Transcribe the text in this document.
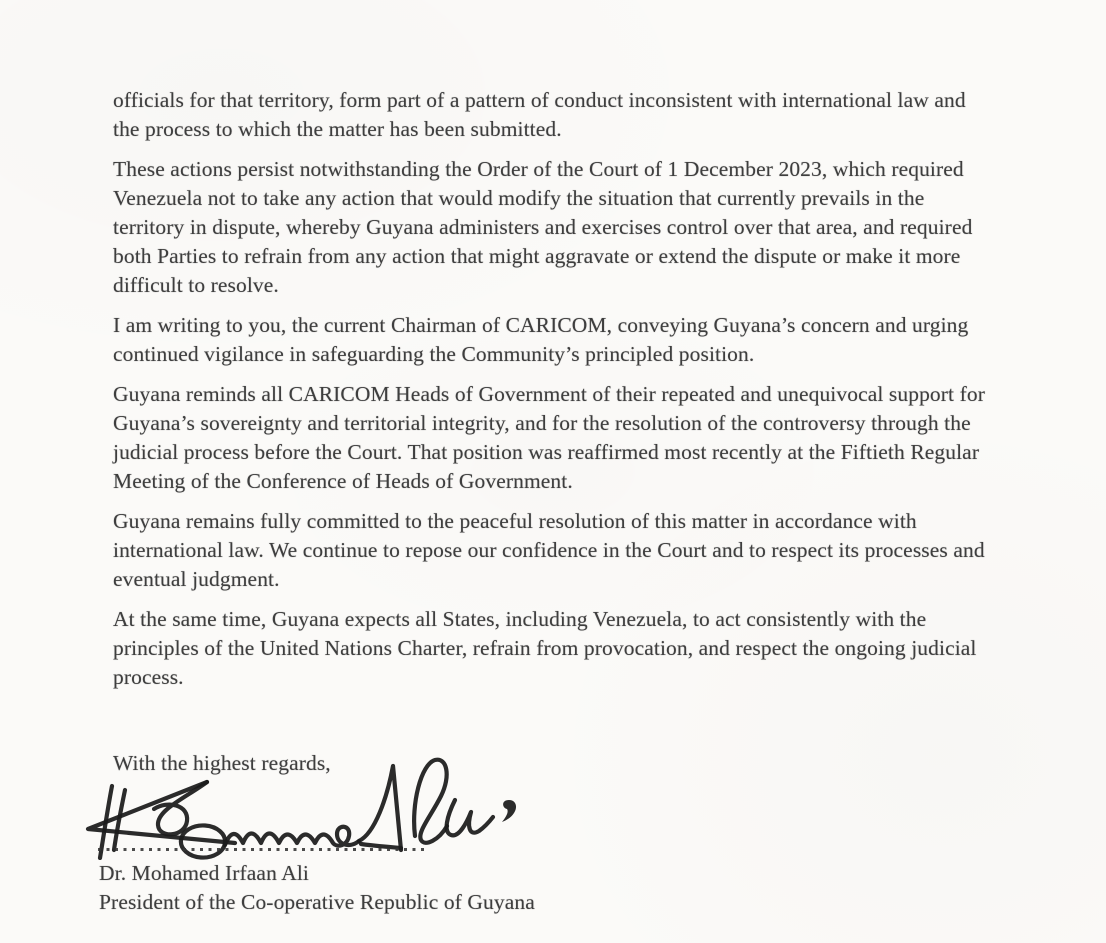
officials for that territory, form part of a pattern of conduct inconsistent with international law and the process to which the matter has been submitted.

These actions persist notwithstanding the Order of the Court of 1 December 2023, which required Venezuela not to take any action that would modify the situation that currently prevails in the territory in dispute, whereby Guyana administers and exercises control over that area, and required both Parties to refrain from any action that might aggravate or extend the dispute or make it more difficult to resolve.

I am writing to you, the current Chairman of CARICOM, conveying Guyana’s concern and urging continued vigilance in safeguarding the Community’s principled position.

Guyana reminds all CARICOM Heads of Government of their repeated and unequivocal support for Guyana’s sovereignty and territorial integrity, and for the resolution of the controversy through the judicial process before the Court. That position was reaffirmed most recently at the Fiftieth Regular Meeting of the Conference of Heads of Government.

Guyana remains fully committed to the peaceful resolution of this matter in accordance with international law. We continue to repose our confidence in the Court and to respect its processes and eventual judgment.

At the same time, Guyana expects all States, including Venezuela, to act consistently with the principles of the United Nations Charter, refrain from provocation, and respect the ongoing judicial process.

With the highest regards,

Dr. Mohamed Irfaan Ali
President of the Co-operative Republic of Guyana
